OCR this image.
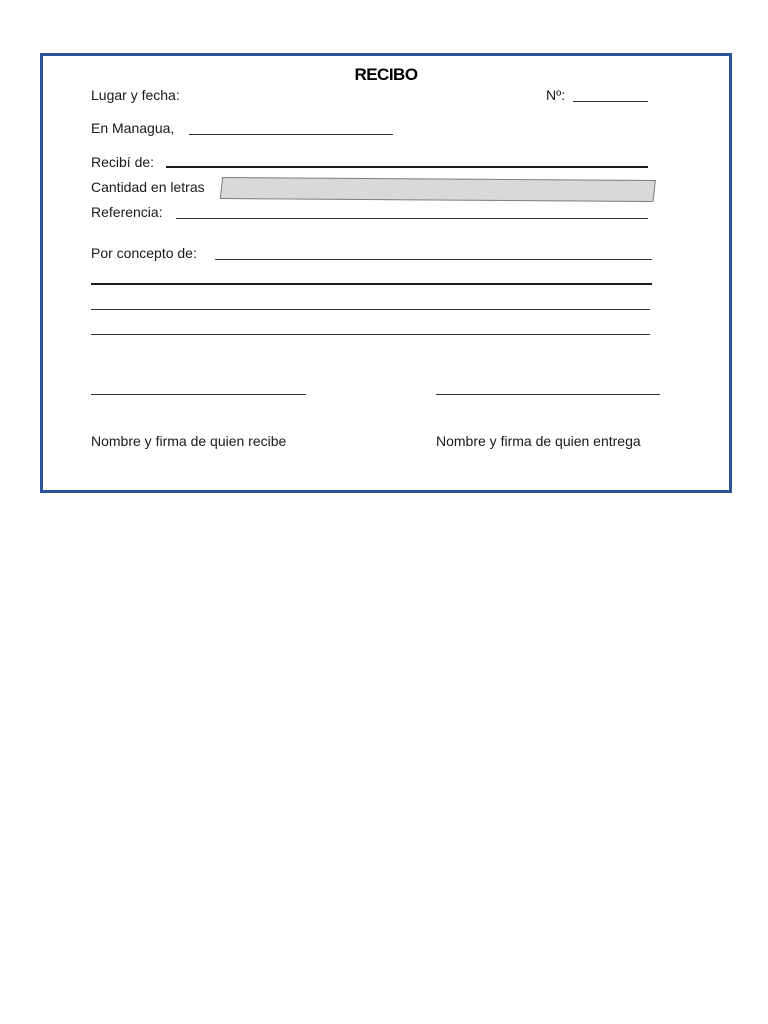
RECIBO
Lugar y fecha:	Nº:
En Managua,
Recibí de:
Cantidad en letras
Referencia:
Por concepto de:
Nombre y firma de quien recibe	Nombre y firma de quien entrega
